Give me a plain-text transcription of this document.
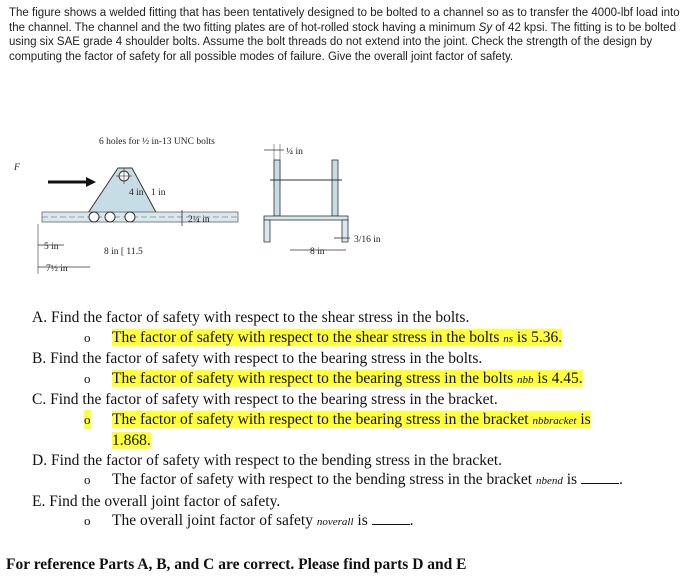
The figure shows a welded fitting that has been tentatively designed to be bolted to a channel so as to transfer the 4000-lbf load into the channel. The channel and the two fitting plates are of hot-rolled stock having a minimum Sy of 42 kpsi. The fitting is to be bolted using six SAE grade 4 shoulder bolts. Assume the bolt threads do not extend into the joint. Check the strength of the design by computing the factor of safety for all possible modes of failure. Give the overall joint factor of safety.
6 holes for ½ in-13 UNC bolts
F
4 in 1 in
2¼ in
8 in [ 11.5
5 in
7½ in
¼ in
8 in
3/16 in
A. Find the factor of safety with respect to the shear stress in the bolts.
o The factor of safety with respect to the shear stress in the bolts ns is 5.36.
B. Find the factor of safety with respect to the bearing stress in the bolts.
o The factor of safety with respect to the bearing stress in the bolts nbb is 4.45.
C. Find the factor of safety with respect to the bearing stress in the bracket.
o The factor of safety with respect to the bearing stress in the bracket nbbracket is 1.868.
D. Find the factor of safety with respect to the bending stress in the bracket.
o The factor of safety with respect to the bending stress in the bracket nbend is	.
E. Find the overall joint factor of safety.
o The overall joint factor of safety noverall is	.
For reference Parts A, B, and C are correct. Please find parts D and E
